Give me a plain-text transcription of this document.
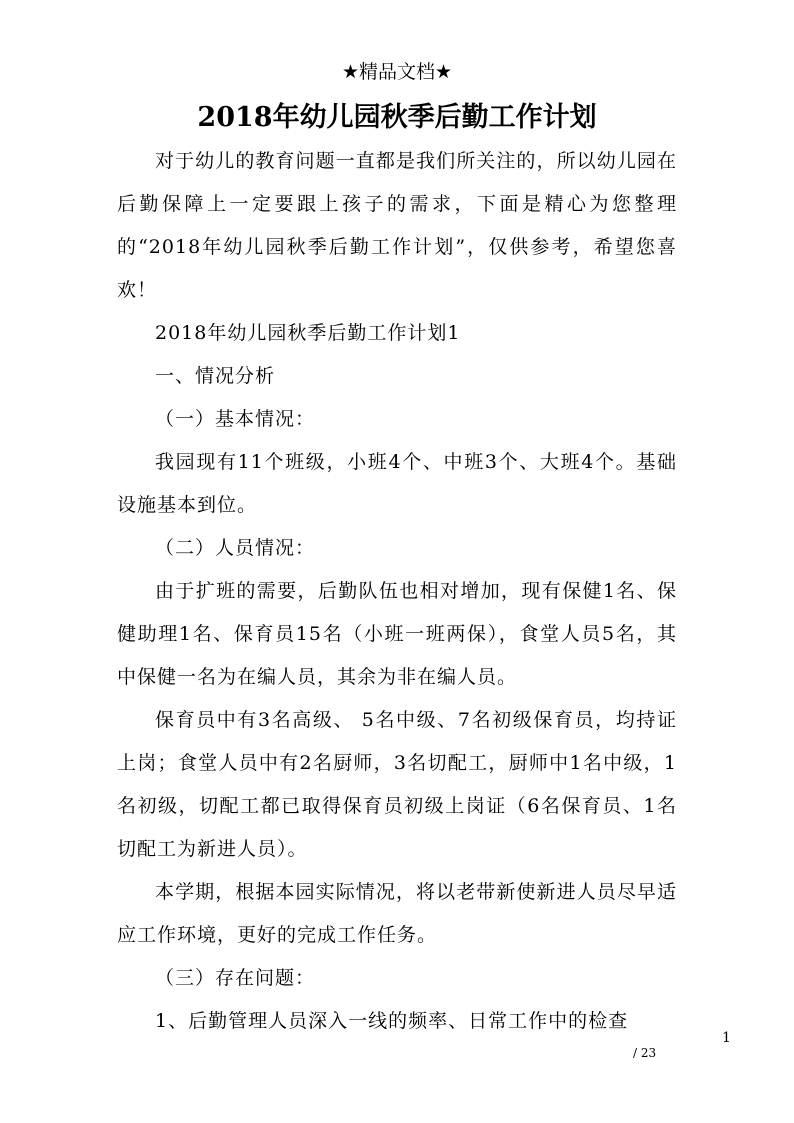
★精品文档★
2018年幼儿园秋季后勤工作计划

对于幼儿的教育问题一直都是我们所关注的，所以幼儿园在后勤保障上一定要跟上孩子的需求，下面是精心为您整理的“2018年幼儿园秋季后勤工作计划”，仅供参考，希望您喜欢！

2018年幼儿园秋季后勤工作计划1

一、情况分析

（一）基本情况：

我园现有11个班级，小班4个、中班3个、大班4个。基础设施基本到位。

（二）人员情况：

由于扩班的需要，后勤队伍也相对增加，现有保健1名、保健助理1名、保育员15名（小班一班两保），食堂人员5名，其中保健一名为在编人员，其余为非在编人员。

保育员中有3名高级、 5名中级、7名初级保育员，均持证上岗；食堂人员中有2名厨师，3名切配工，厨师中1名中级，1名初级，切配工都已取得保育员初级上岗证（6名保育员、1名切配工为新进人员）。

本学期，根据本园实际情况，将以老带新使新进人员尽早适应工作环境，更好的完成工作任务。

（三）存在问题：

1、后勤管理人员深入一线的频率、日常工作中的检查

1
/ 23
